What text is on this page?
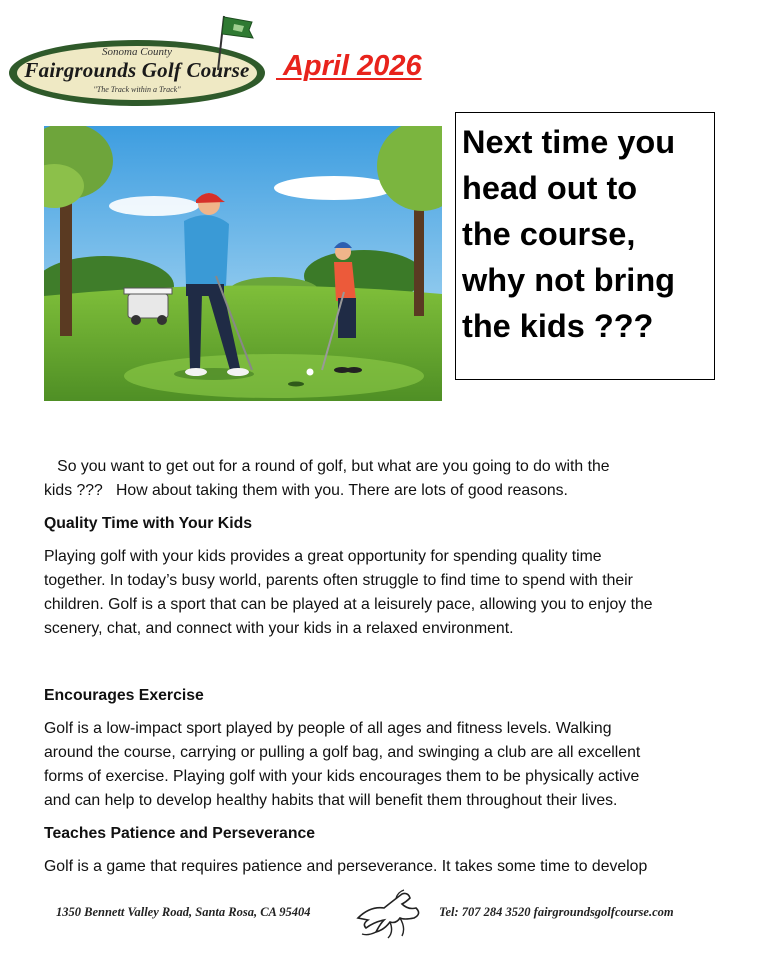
Sonoma County
Fairgrounds Golf Course
"The Track within a Track"
April 2026

Next time you

head out to

the course,

why not bring

the kids ???

So you want to get out for a round of golf, but what are you going to do with the

kids ???   How about taking them with you. There are lots of good reasons.

Quality Time with Your Kids

Playing golf with your kids provides a great opportunity for spending quality time

together. In today’s busy world, parents often struggle to find time to spend with their

children. Golf is a sport that can be played at a leisurely pace, allowing you to enjoy the

scenery, chat, and connect with your kids in a relaxed environment.

Encourages Exercise

Golf is a low-impact sport played by people of all ages and fitness levels. Walking

around the course, carrying or pulling a golf bag, and swinging a club are all excellent

forms of exercise. Playing golf with your kids encourages them to be physically active

and can help to develop healthy habits that will benefit them throughout their lives.

Teaches Patience and Perseverance

Golf is a game that requires patience and perseverance. It takes some time to develop

1350 Bennett Valley Road, Santa Rosa, CA 95404	Tel: 707 284 3520 fairgroundsgolfcourse.com
